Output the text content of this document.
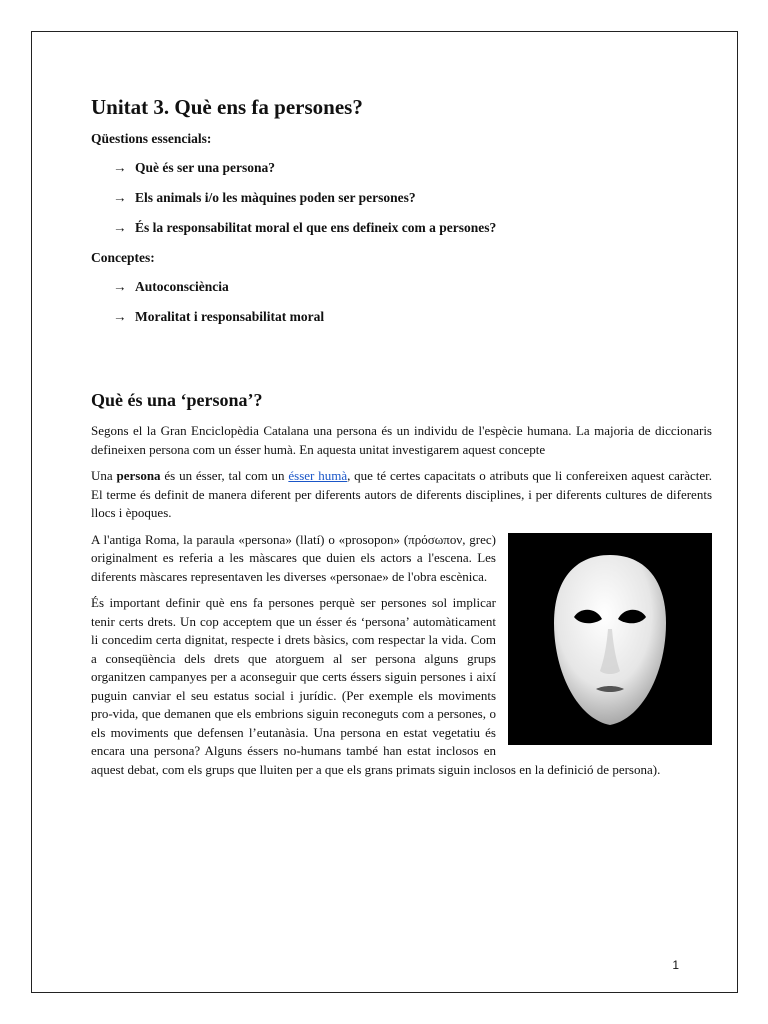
Unitat 3. Què ens fa persones?
Qüestions essencials:
→ Què és ser una persona?
→ Els animals i/o les màquines poden ser persones?
→ És la responsabilitat moral el que ens defineix com a persones?
Conceptes:
→ Autoconsciència
→ Moralitat i responsabilitat moral
Què és una ‘persona’?

Segons el la Gran Enciclopèdia Catalana una persona és un individu de l'espècie humana. La majoria de diccionaris defineixen persona com un ésser humà. En aquesta unitat investigarem aquest concepte

Una persona és un ésser, tal com un ésser humà, que té certes capacitats o atributs que li confereixen aquest caràcter. El terme és definit de manera diferent per diferents autors de diferents disciplines, i per diferents cultures de diferents llocs i èpoques.

A l'antiga Roma, la paraula «persona» (llatí) o «prosopon» (πρόσωπον, grec) originalment es referia a les màscares que duien els actors a l'escena. Les diferents màscares representaven les diverses «personae» de l'obra escènica.

És important definir què ens fa persones perquè ser persones sol implicar tenir certs drets. Un cop acceptem que un ésser és ‘persona’ automàticament li concedim certa dignitat, respecte i drets bàsics, com respectar la vida. Com a conseqüència dels drets que atorguem al ser persona alguns grups organitzen campanyes per a aconseguir que certs éssers siguin persones i així puguin canviar el seu estatus social i jurídic. (Per exemple els moviments pro-vida, que demanen que els embrions siguin reconeguts com a persones, o els moviments que defensen l’eutanàsia. Una persona en estat vegetatiu és encara una persona? Alguns éssers no-humans també han estat inclosos en aquest debat, com els grups que lluiten per a que els grans primats siguin inclosos en la definició de persona).

1
